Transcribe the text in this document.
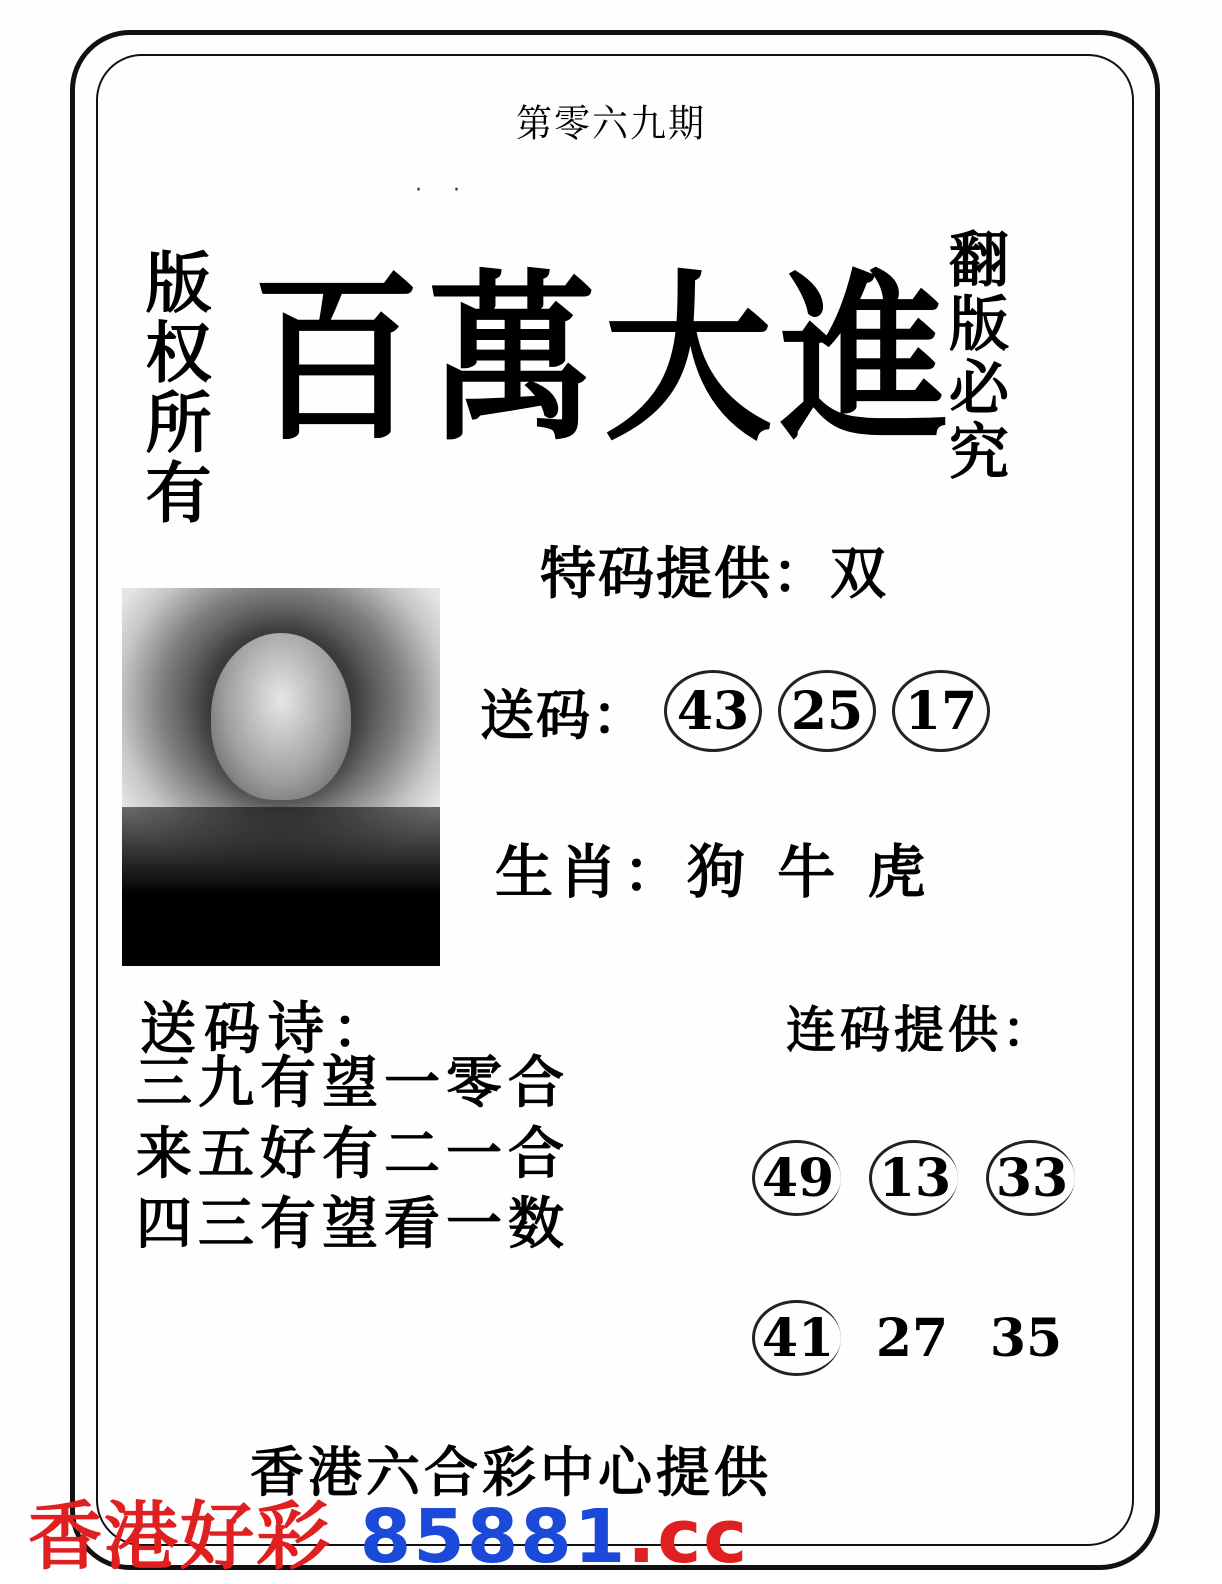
第零六九期
· ·
版权所有	翻版必究
百萬大進
特码提供：双
送码： 43 25 17
生肖：狗 牛 虎
送码诗：
三九有望一零合
来五好有二一合
四三有望看一数
连码提供：
49 13 33
41 27 35
香港六合彩中心提供
香港好彩 85881.cc
